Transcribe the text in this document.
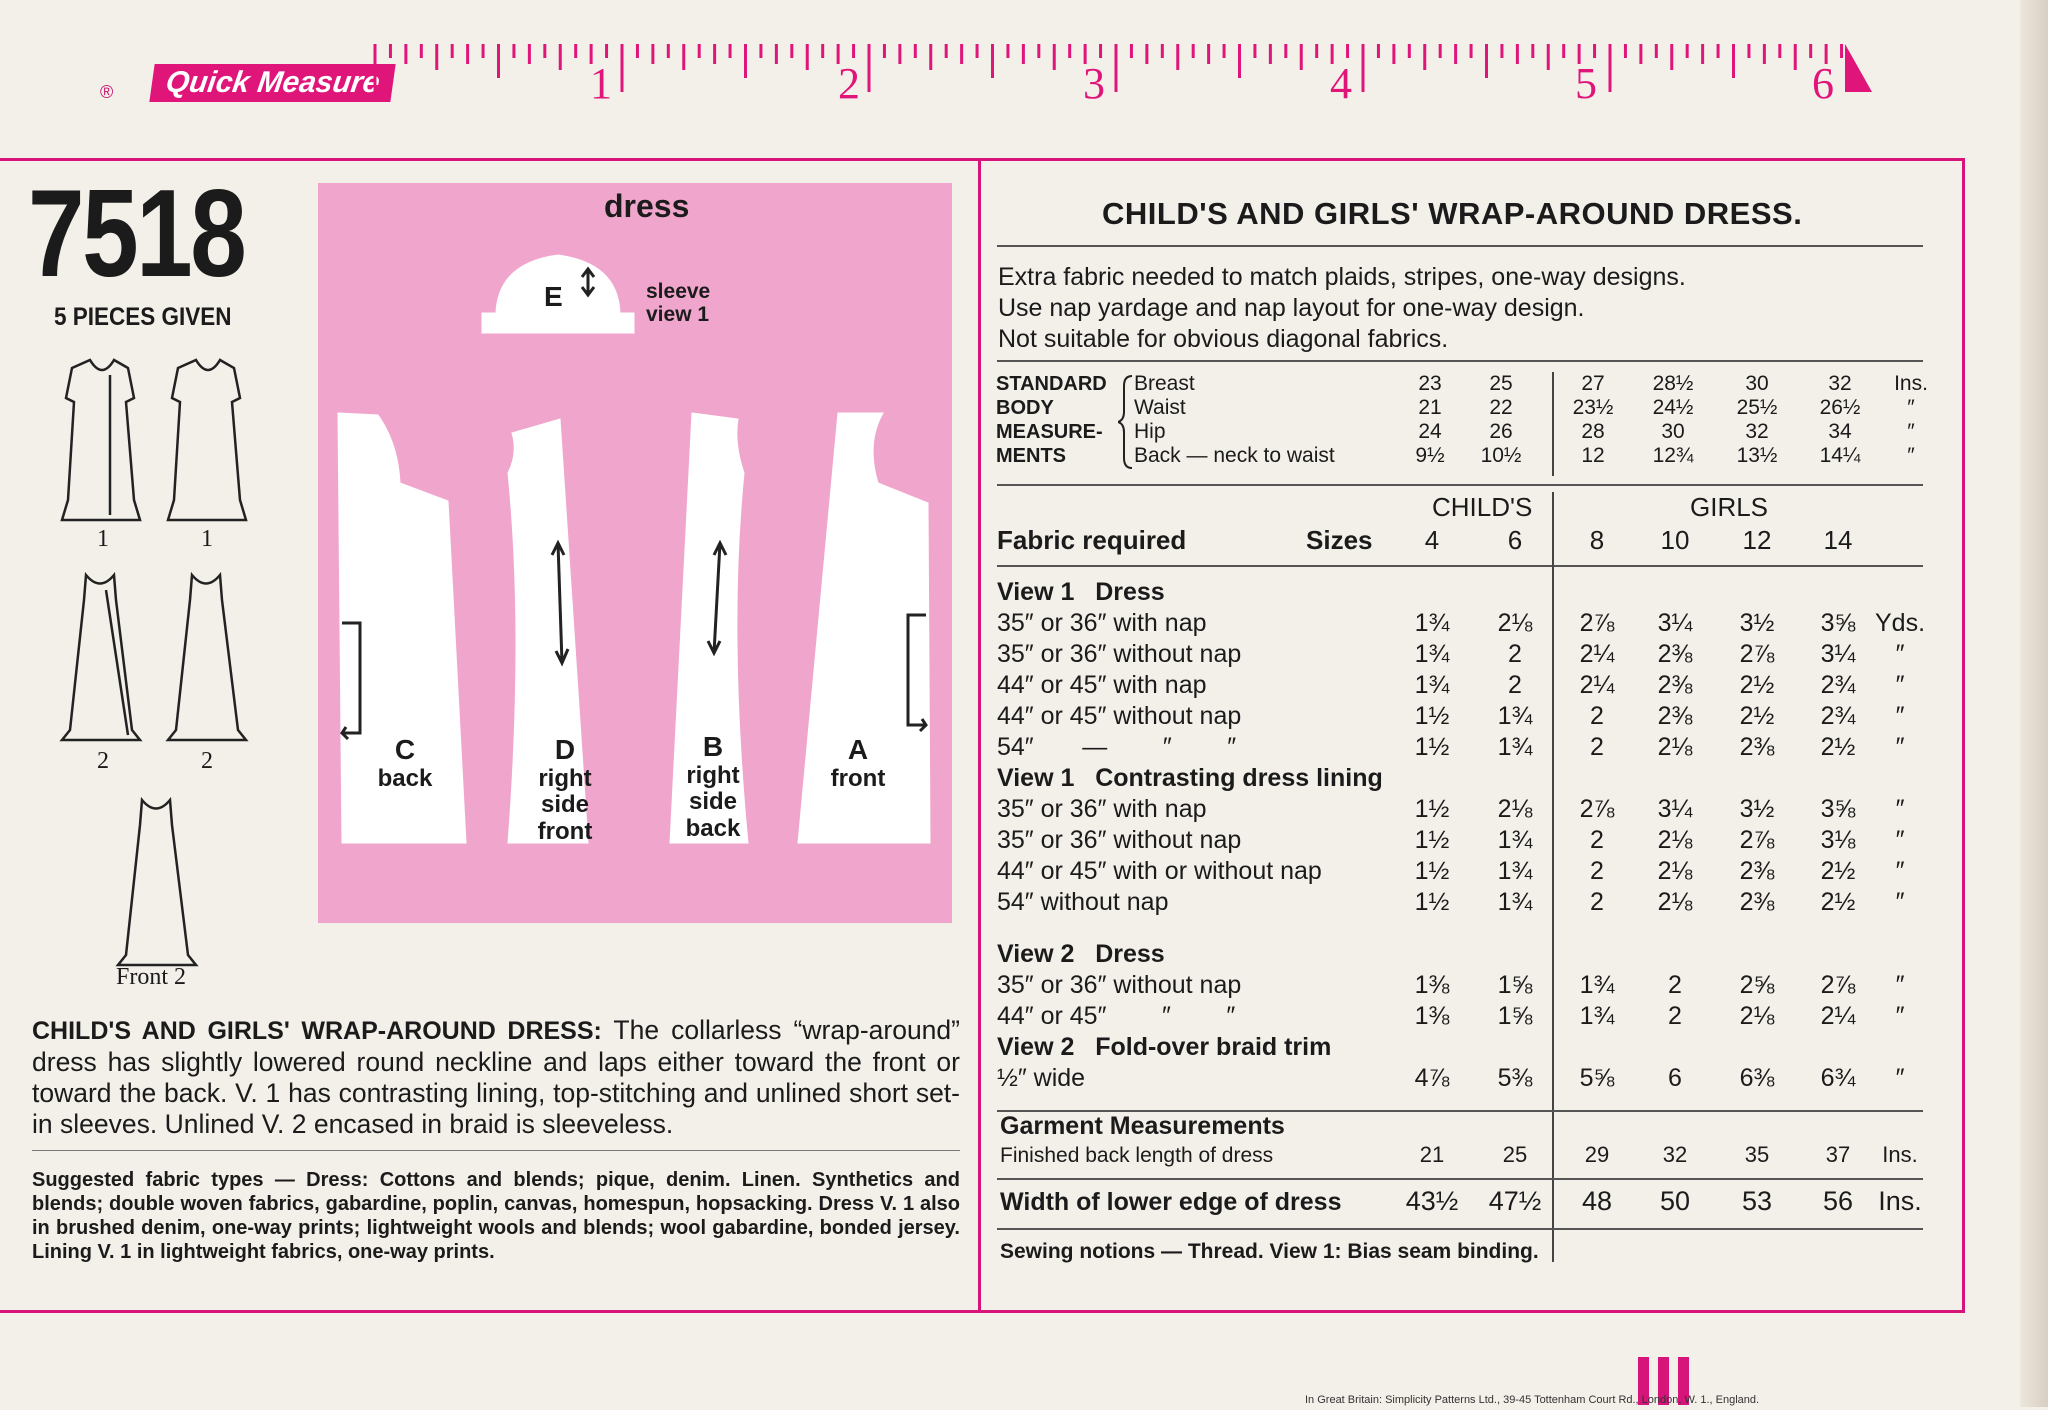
®	Quick Measure	1	2	3	4	5	6
7518
5 PIECES GIVEN
1	1
2	2
Front 2
dress
E	sleeve
view 1
C
back
D
right side front
B
right side back
A
front
CHILD'S AND GIRLS' WRAP-AROUND DRESS: The collarless “wrap-around” dress has slightly lowered round neckline and laps either toward the front or toward the back. V. 1 has contrasting lining, top-stitching and unlined short set-in sleeves. Unlined V. 2 encased in braid is sleeveless.
Suggested fabric types — Dress: Cottons and blends; pique, denim. Linen. Synthetics and blends; double woven fabrics, gabardine, poplin, canvas, homespun, hopsacking. Dress V. 1 also in brushed denim, one-way prints; lightweight wools and blends; wool gabardine, bonded jersey. Lining V. 1 in lightweight fabrics, one-way prints.
CHILD'S AND GIRLS' WRAP-AROUND DRESS.
Extra fabric needed to match plaids, stripes, one-way designs.
Use nap yardage and nap layout for one-way design.
Not suitable for obvious diagonal fabrics.
STANDARD
BODY
MEASURE-
MENTS
Breast	23	25	27	28½	30	32	Ins.
Waist	21	22	23½	24½	25½	26½	″
Hip	24	26	28	30	32	34	″
Back — neck to waist	9½	10½	12	12¾	13½	14¼	″
CHILD'S	GIRLS
Fabric required	Sizes	4	6	8	10	12	14
View 1   Dress
35″ or 36″ with nap	1¾	2⅛	2⅞	3¼	3½	3⅝ Yds.
35″ or 36″ without nap	1¾	2	2¼	2⅜	2⅞	3¼	″
44″ or 45″ with nap	1¾	2	2¼	2⅜	2½	2¾	″
44″ or 45″ without nap	1½	1¾	2	2⅜	2½	2¾	″
54″       —        ″        ″	1½	1¾	2	2⅛	2⅜	2½	″
View 1   Contrasting dress lining
35″ or 36″ with nap	1½	2⅛	2⅞	3¼	3½	3⅝	″
35″ or 36″ without nap	1½	1¾	2	2⅛	2⅞	3⅛	″
44″ or 45″ with or without nap	1½	1¾	2	2⅛	2⅜	2½	″
54″ without nap	1½	1¾	2	2⅛	2⅜	2½	″
View 2   Dress
35″ or 36″ without nap	1⅜	1⅝	1¾	2	2⅝	2⅞	″
44″ or 45″        ″        ″	1⅜	1⅝	1¾	2	2⅛	2¼	″
View 2   Fold-over braid trim
½″ wide	4⅞	5⅜	5⅝	6	6⅜	6¾	″
Garment Measurements
Finished back length of dress	21	25	29	32	35	37	Ins.
Width of lower edge of dress	43½	47½	48	50	53	56 Ins.
Sewing notions — Thread. View 1: Bias seam binding.
In Great Britain: Simplicity Patterns Ltd., 39-45 Tottenham Court Rd., London, W. 1., England.
